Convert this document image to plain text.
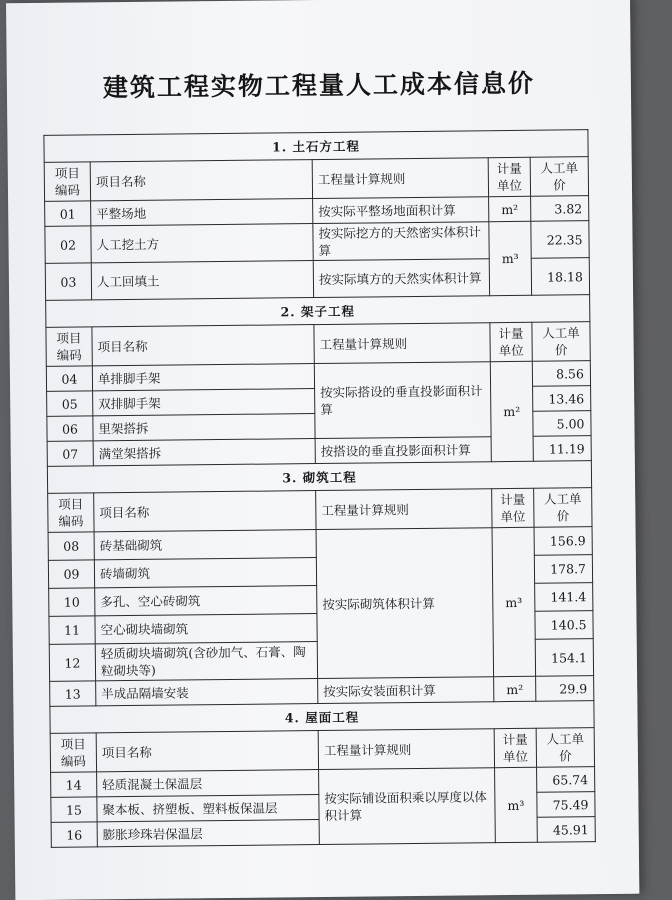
建筑工程实物工程量人工成本信息价
1. 土石方工程				
项目编码	项目名称	工程量计算规则	计量单位	人工单价
01	平整场地	按实际平整场地面积计算	m²	3.82
02	人工挖土方	按实际挖方的天然密实体积计算	m³	22.35
03	人工回填土	按实际填方的天然实体积计算		18.18
2. 架子工程				
项目编码	项目名称	工程量计算规则	计量单位	人工单价
04	单排脚手架	按实际搭设的垂直投影面积计算	m²	8.56
05	双排脚手架			13.46
06	里架搭拆			5.00
07	满堂架搭拆	按搭设的垂直投影面积计算		11.19
3. 砌筑工程				
项目编码	项目名称	工程量计算规则	计量单位	人工单价
08	砖基础砌筑	按实际砌筑体积计算	m³	156.9
09	砖墙砌筑			178.7
10	多孔、空心砖砌筑			141.4
11	空心砌块墙砌筑			140.5
12	轻质砌块墙砌筑(含砂加气、石膏、陶粒砌块等)			154.1
13	半成品隔墙安装	按实际安装面积计算	m²	29.9
4. 屋面工程				
项目编码	项目名称	工程量计算规则	计量单位	人工单价
14	轻质混凝土保温层	按实际铺设面积乘以厚度以体积计算	m³	65.74
15	聚本板、挤塑板、塑料板保温层			75.49
16	膨胀珍珠岩保温层			45.91
